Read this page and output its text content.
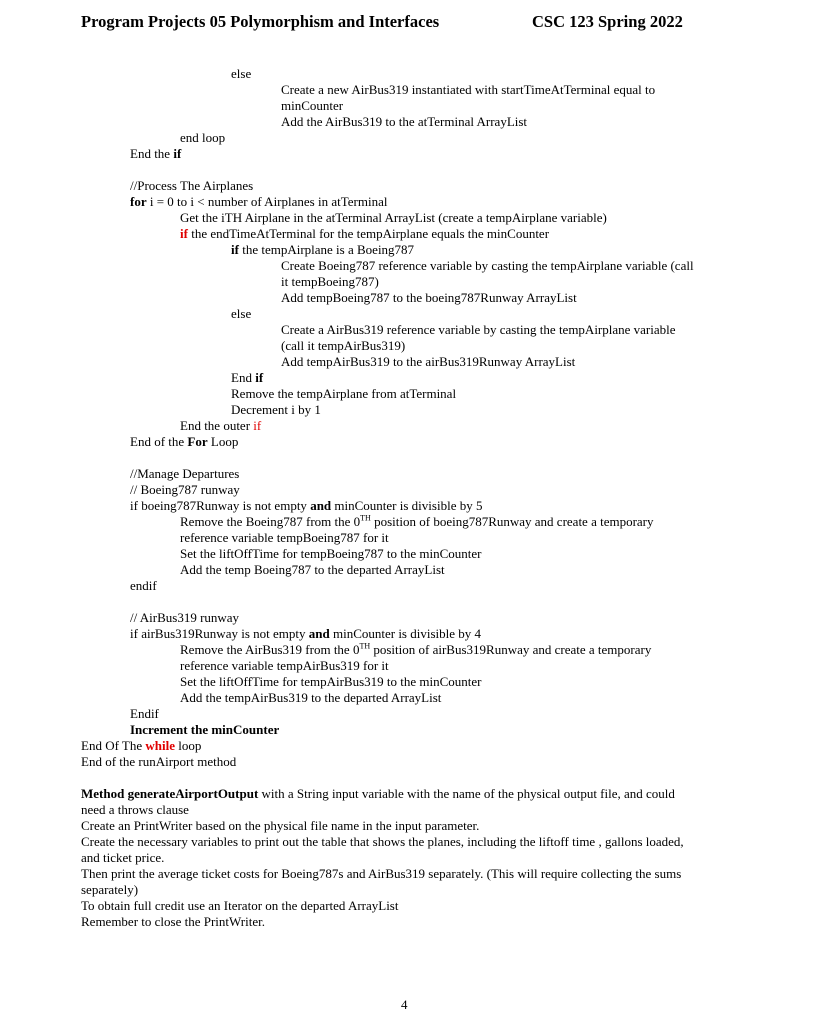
Program Projects 05 Polymorphism and Interfaces	CSC 123 Spring 2022
else
Create a new AirBus319 instantiated with startTimeAtTerminal equal to
minCounter
Add the AirBus319 to the atTerminal ArrayList
end loop
End the if
//Process The Airplanes
for i = 0 to i < number of Airplanes in atTerminal
Get the iTH Airplane in the atTerminal ArrayList (create a tempAirplane variable)
if the endTimeAtTerminal for the tempAirplane equals the minCounter
if the tempAirplane is a Boeing787
Create Boeing787 reference variable by casting the tempAirplane variable (call
it tempBoeing787)
Add tempBoeing787 to the boeing787Runway ArrayList
else
Create a AirBus319 reference variable by casting the tempAirplane variable
(call it tempAirBus319)
Add tempAirBus319 to the airBus319Runway ArrayList
End if
Remove the tempAirplane from atTerminal
Decrement i by 1
End the outer if
End of the For Loop
//Manage Departures
// Boeing787 runway
if boeing787Runway is not empty and minCounter is divisible by 5
Remove the Boeing787 from the 0TH position of boeing787Runway and create a temporary
reference variable tempBoeing787 for it
Set the liftOffTime for tempBoeing787 to the minCounter
Add the temp Boeing787 to the departed ArrayList
endif
// AirBus319 runway
if airBus319Runway is not empty and minCounter is divisible by 4
Remove the AirBus319 from the 0TH position of airBus319Runway and create a temporary
reference variable tempAirBus319 for it
Set the liftOffTime for tempAirBus319 to the minCounter
Add the tempAirBus319 to the departed ArrayList
Endif
Increment the minCounter
End Of The while loop
End of the runAirport method
Method generateAirportOutput with a String input variable with the name of the physical output file, and could
need a throws clause
Create an PrintWriter based on the physical file name in the input parameter.
Create the necessary variables to print out the table that shows the planes, including the liftoff time , gallons loaded,
and ticket price.
Then print the average ticket costs for Boeing787s and AirBus319 separately. (This will require collecting the sums
separately)
To obtain full credit use an Iterator on the departed ArrayList
Remember to close the PrintWriter.
4
